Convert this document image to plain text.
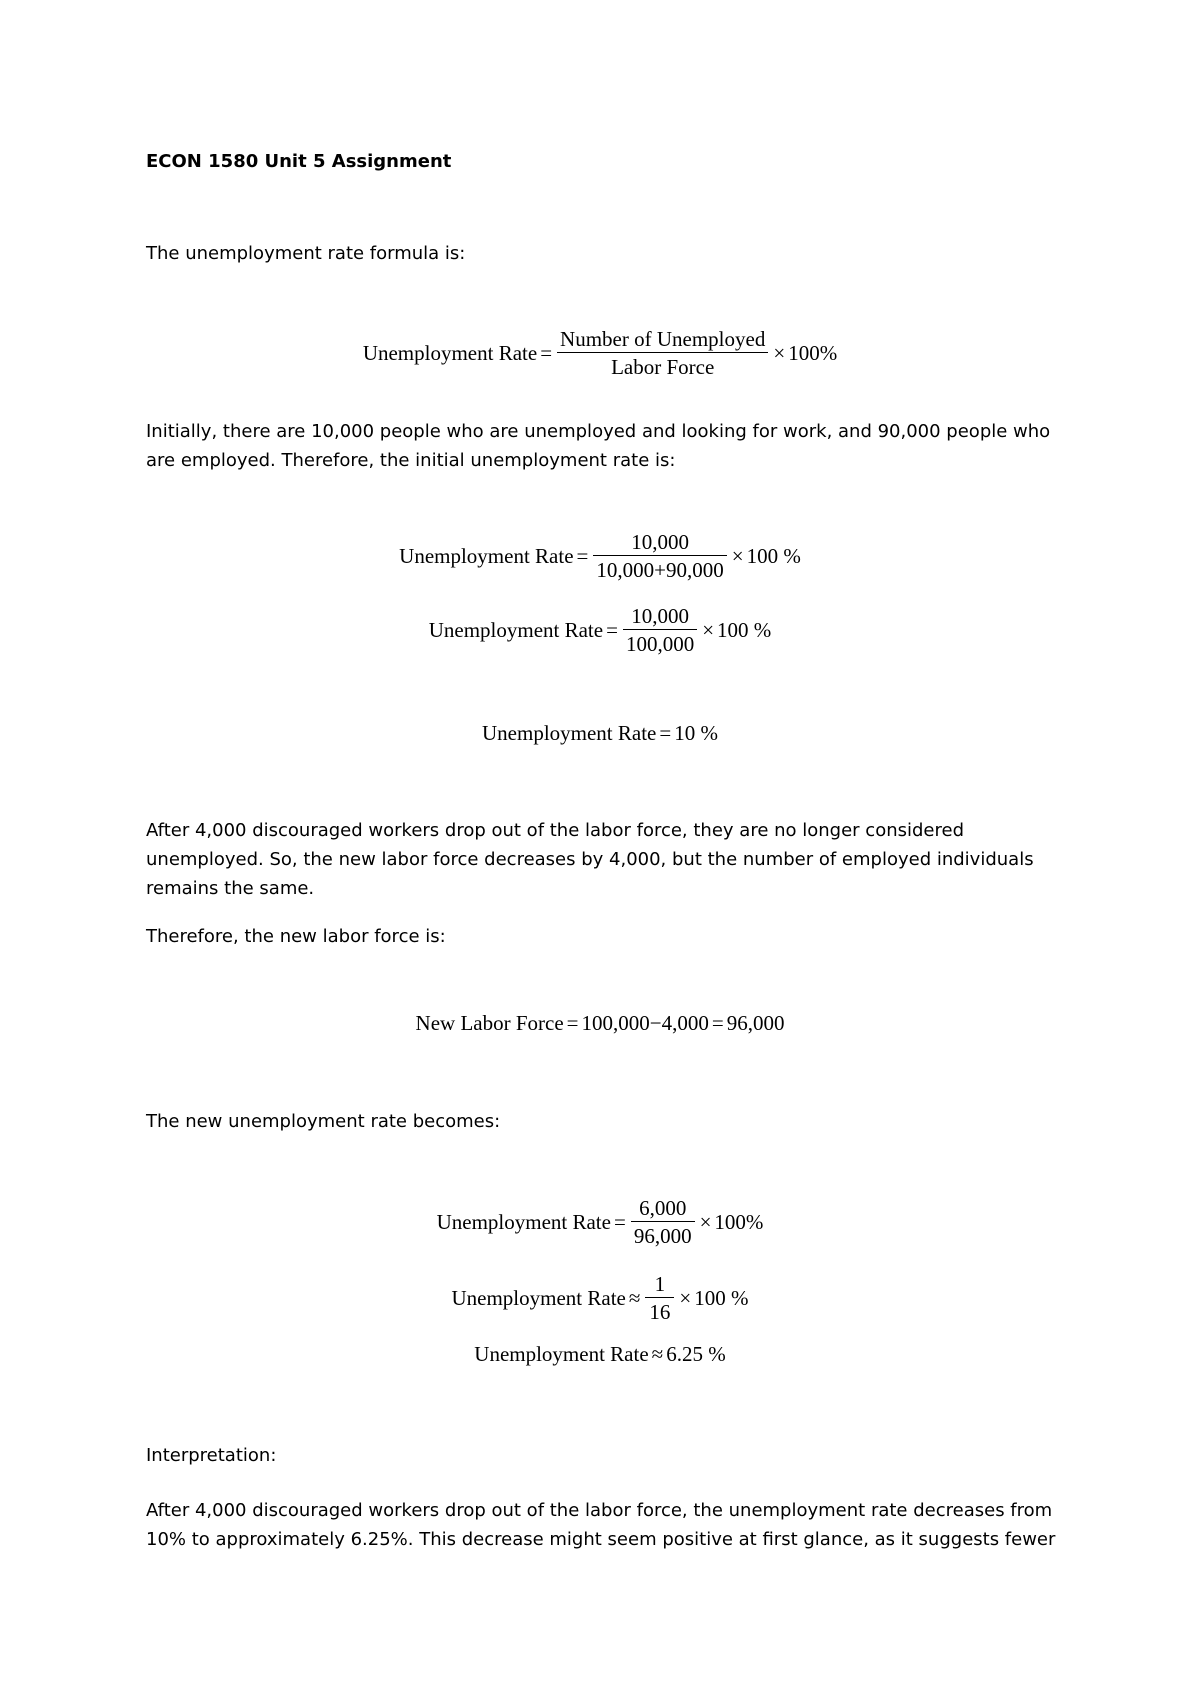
ECON 1580 Unit 5 Assignment
The unemployment rate formula is:
Unemployment Rate = $\frac{\text{Number of Unemployed}}{\text{Labor Force}} \times 100\%$
Initially, there are 10,000 people who are unemployed and looking for work, and 90,000 people who are employed. Therefore, the initial unemployment rate is:
Unemployment Rate = $\frac{10,000}{10,000+90,000} \times 100$ %
Unemployment Rate = $\frac{10,000}{100,000} \times 100$ %
Unemployment Rate = 10 %
After 4,000 discouraged workers drop out of the labor force, they are no longer considered unemployed. So, the new labor force decreases by 4,000, but the number of employed individuals remains the same.
Therefore, the new labor force is:
New Labor Force = 100,000−4,000 = 96,000
The new unemployment rate becomes:
Unemployment Rate = $\frac{6,000}{96,000} \times 100\%$
Unemployment Rate ≈ $\frac{1}{16} \times 100$ %
Unemployment Rate ≈ 6.25 %
Interpretation:
After 4,000 discouraged workers drop out of the labor force, the unemployment rate decreases from 10% to approximately 6.25%. This decrease might seem positive at first glance, as it suggests fewer
